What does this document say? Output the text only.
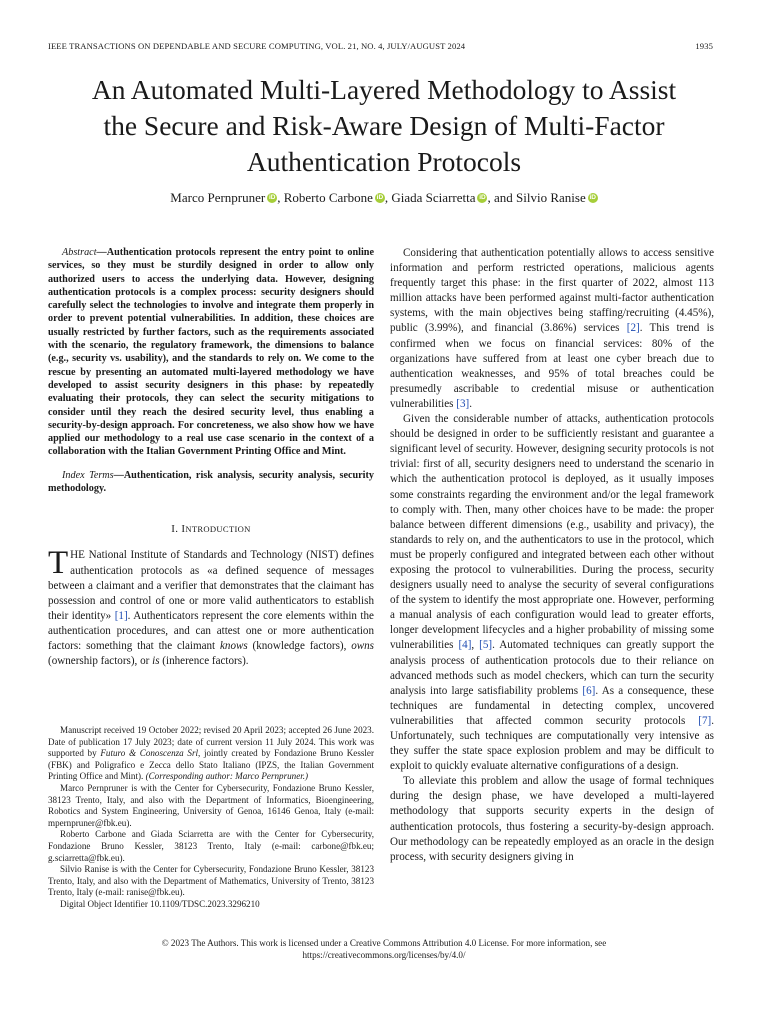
IEEE TRANSACTIONS ON DEPENDABLE AND SECURE COMPUTING, VOL. 21, NO. 4, JULY/AUGUST 2024	1935
An Automated Multi-Layered Methodology to Assist
the Secure and Risk-Aware Design of Multi-Factor
Authentication Protocols
Marco Pernpruner iD , Roberto Carbone iD , Giada Sciarretta iD , and Silvio Ranise iD

Abstract—Authentication protocols represent the entry point to online services, so they must be sturdily designed in order to allow only authorized users to access the underlying data. However, designing authentication protocols is a complex process: security designers should carefully select the technologies to involve and integrate them properly in order to prevent potential vulnerabilities. In addition, these choices are usually restricted by further factors, such as the requirements associated with the scenario, the regulatory framework, the dimensions to balance (e.g., security vs. usability), and the standards to rely on. We come to the rescue by presenting an automated multi-layered methodology we have developed to assist security designers in this phase: by repeatedly evaluating their protocols, they can select the security mitigations to consider until they reach the desired security level, thus enabling a security-by-design approach. For concreteness, we also show how we have applied our methodology to a real use case scenario in the context of a collaboration with the Italian Government Printing Office and Mint.

Index Terms—Authentication, risk analysis, security analysis, security methodology.

I. INTRODUCTION

THE National Institute of Standards and Technology (NIST) defines authentication protocols as «a defined sequence of messages between a claimant and a verifier that demonstrates that the claimant has possession and control of one or more valid authenticators to establish their identity» [1]. Authenticators represent the core elements within the authentication procedures, and can attest one or more authentication factors: something that the claimant knows (knowledge factors), owns (ownership factors), or is (inherence factors).

Manuscript received 19 October 2022; revised 20 April 2023; accepted 26 June 2023. Date of publication 17 July 2023; date of current version 11 July 2024. This work was supported by Futuro & Conoscenza Srl, jointly created by Fondazione Bruno Kessler (FBK) and Poligrafico e Zecca dello Stato Italiano (IPZS, the Italian Government Printing Office and Mint). (Corresponding author: Marco Pernpruner.)

Marco Pernpruner is with the Center for Cybersecurity, Fondazione Bruno Kessler, 38123 Trento, Italy, and also with the Department of Informatics, Bioengineering, Robotics and System Engineering, University of Genoa, 16146 Genoa, Italy (e-mail: mpernpruner@fbk.eu).

Roberto Carbone and Giada Sciarretta are with the Center for Cybersecurity, Fondazione Bruno Kessler, 38123 Trento, Italy (e-mail: carbone@fbk.eu; g.sciarretta@fbk.eu).

Silvio Ranise is with the Center for Cybersecurity, Fondazione Bruno Kessler, 38123 Trento, Italy, and also with the Department of Mathematics, University of Trento, 38123 Trento, Italy (e-mail: ranise@fbk.eu).

Digital Object Identifier 10.1109/TDSC.2023.3296210

Considering that authentication potentially allows to access sensitive information and perform restricted operations, malicious agents frequently target this phase: in the first quarter of 2022, almost 113 million attacks have been performed against multi-factor authentication systems, with the main objectives being staffing/recruiting (4.45%), public (3.99%), and financial (3.86%) services [2]. This trend is confirmed when we focus on financial services: 80% of the organizations have suffered from at least one cyber breach due to authentication weaknesses, and 95% of total breaches could be presumedly ascribable to credential misuse or authentication vulnerabilities [3].

Given the considerable number of attacks, authentication protocols should be designed in order to be sufficiently resistant and guarantee a significant level of security. However, designing security protocols is not trivial: first of all, security designers need to understand the scenario in which the authentication protocol is deployed, as it usually imposes some constraints regarding the environment and/or the legal framework to comply with. Then, many other choices have to be made: the proper balance between different dimensions (e.g., usability and privacy), the standards to rely on, and the authenticators to use in the protocol, which must be properly configured and integrated between each other without exposing the protocol to vulnerabilities. During the process, security designers usually need to analyse the security of several configurations of the system to identify the most appropriate one. However, performing a manual analysis of each configuration would lead to greater efforts, longer development lifecycles and a higher probability of missing some vulnerabilities [4], [5]. Automated techniques can greatly support the analysis process of authentication protocols due to their reliance on advanced methods such as model checkers, which can turn the security analysis into large satisfiability problems [6]. As a consequence, these techniques are fundamental in detecting complex, uncovered vulnerabilities that affected common security protocols [7]. Unfortunately, such techniques are computationally very intensive as they suffer the state space explosion problem and may be difficult to exploit to quickly evaluate alternative configurations of a design.

To alleviate this problem and allow the usage of formal techniques during the design phase, we have developed a multi-layered methodology that supports security experts in the design of authentication protocols, thus fostering a security-by-design approach. Our methodology can be repeatedly employed as an oracle in the design process, with security designers giving in

© 2023 The Authors. This work is licensed under a Creative Commons Attribution 4.0 License. For more information, see
https://creativecommons.org/licenses/by/4.0/
